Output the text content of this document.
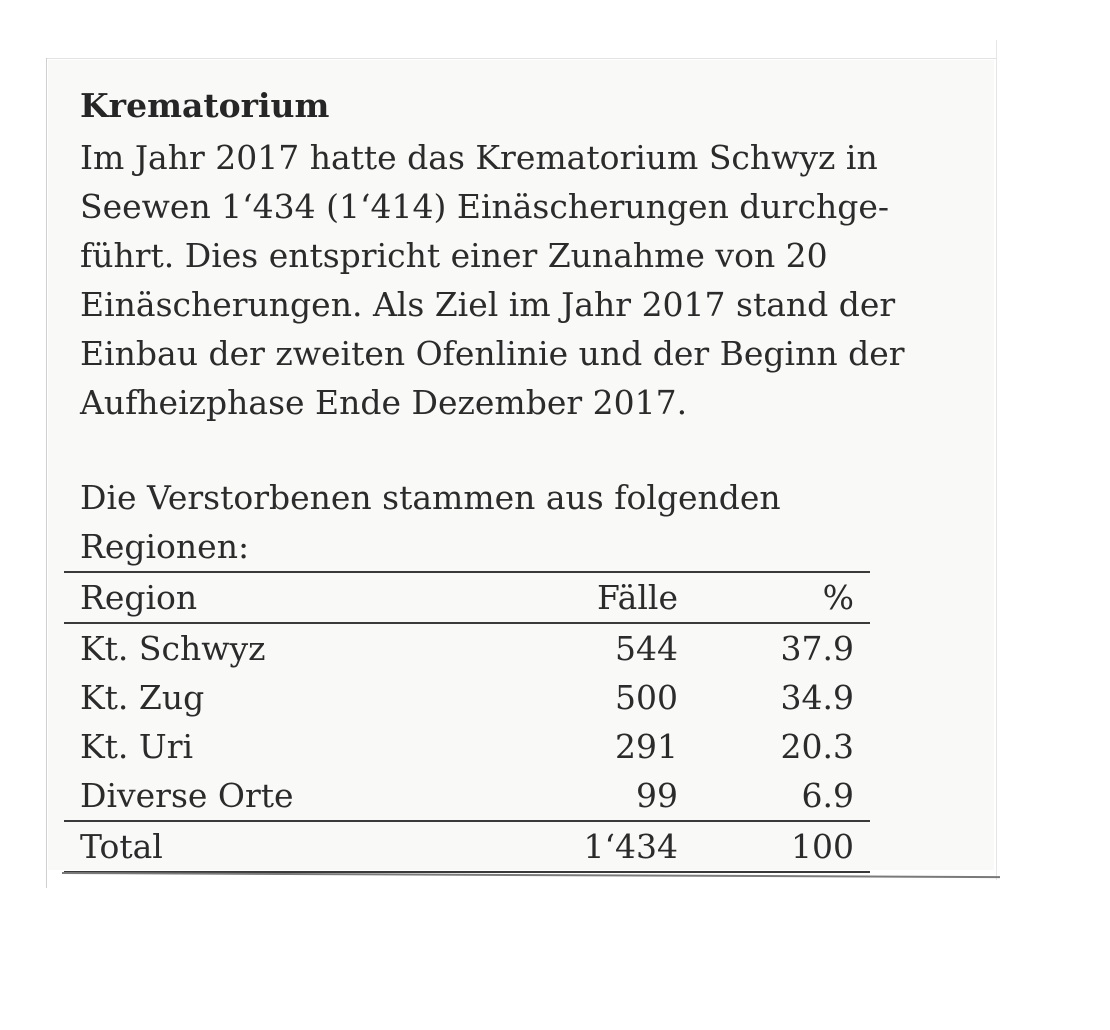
Krematorium
Im Jahr 2017 hatte das Krematorium Schwyz in
Seewen 1‘434 (1‘414) Einäscherungen durchge-
führt. Dies entspricht einer Zunahme von 20
Einäscherungen. Als Ziel im Jahr 2017 stand der
Einbau der zweiten Ofenlinie und der Beginn der
Aufheizphase Ende Dezember 2017.
Die Verstorbenen stammen aus folgenden
Regionen:
Region	Fälle	%
Kt. Schwyz	544	37.9
Kt. Zug	500	34.9
Kt. Uri	291	20.3
Diverse Orte	99	6.9
Total	1‘434	100
